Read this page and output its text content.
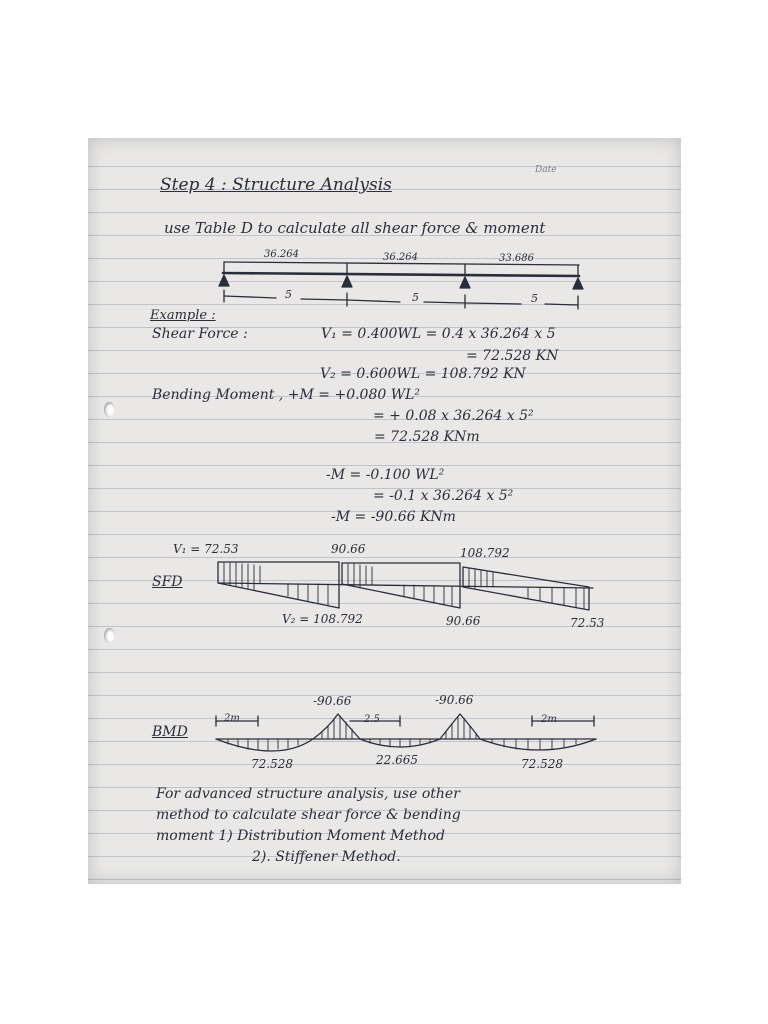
Date
Step 4 : Structure Analysis
use Table D to calculate all shear force & moment
36.264	36.264	33.686
5	5	5
Example :
Shear Force :	V₁ = 0.400WL = 0.4 x 36.264 x 5
= 72.528 KN
V₂ = 0.600WL = 108.792 KN
Bending Moment , +M = +0.080 WL²
= + 0.08 x 36.264 x 5²
= 72.528 KNm
-M = -0.100 WL²
= -0.1 x 36.264 x 5²
-M = -90.66 KNm
V₁ = 72.53	90.66	108.792
SFD
V₂ = 108.792	90.66	72.53
-90.66	-90.66
2m	2.5	2m
BMD
72.528	22.665	72.528
For advanced structure analysis, use other
method to calculate shear force & bending
moment 1) Distribution Moment Method
2). Stiffener Method.
